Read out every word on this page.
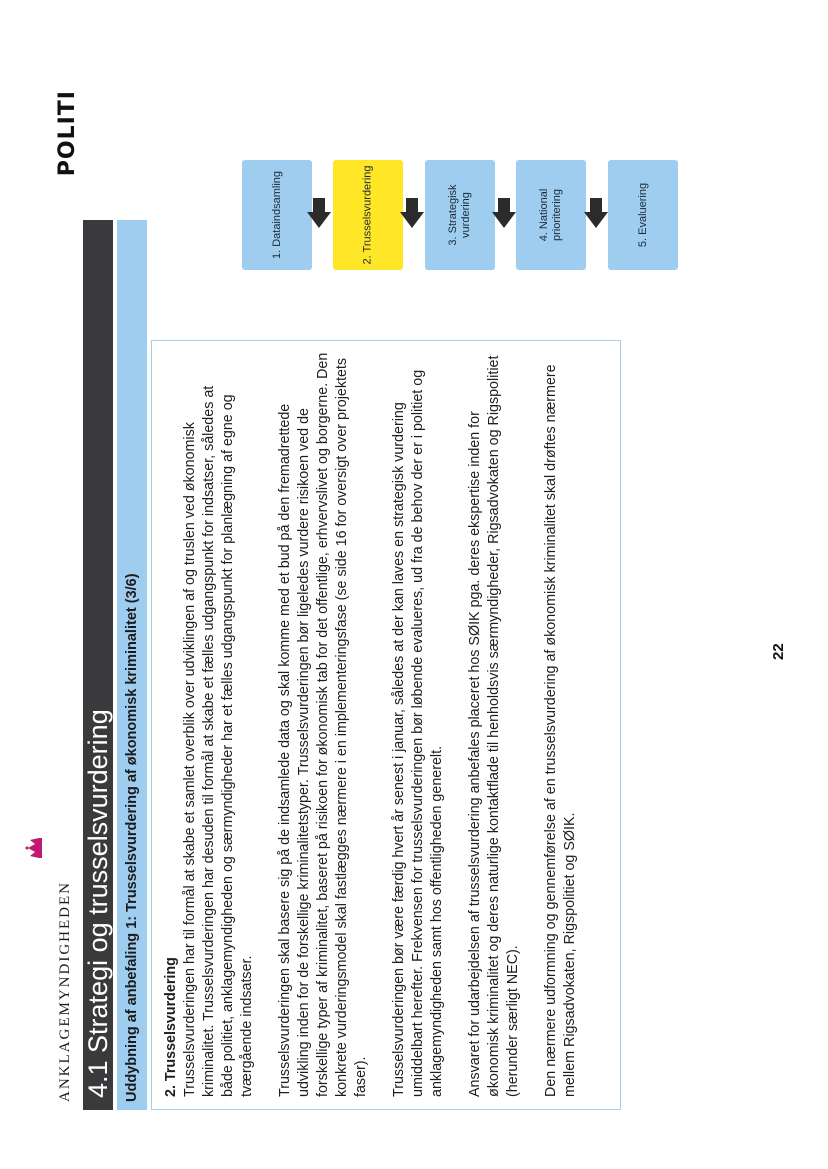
ANKLAGEMYNDIGHEDEN
POLITI
4.1 Strategi og trusselsvurdering Uddybning af anbefaling 1: Trusselsvurdering af økonomisk kriminalitet (3/6)	2. Trusselsvurdering Trusselsvurderingen har til formål at skabe et samlet overblik over udviklingen af og truslen ved økonomisk kriminalitet. Trusselsvurderingen har desuden til formål at skabe et fælles udgangspunkt for indsatser, således at både politiet, anklagemyndigheden og særmyndigheder har et fælles udgangspunkt for planlægning af egne og tværgående indsatser. Trusselsvurderingen skal basere sig på de indsamlede data og skal komme med et bud på den fremadrettede udvikling inden for de forskellige kriminalitetstyper. Trusselsvurderingen bør ligeledes vurdere risikoen ved de forskellige typer af kriminalitet, baseret på risikoen for økonomisk tab for det offentlige, erhvervslivet og borgerne. Den konkrete vurderingsmodel skal fastlægges nærmere i en implementeringsfase (se side 16 for oversigt over projektets faser). Trusselsvurderingen bør være færdig hvert år senest i januar, således at der kan laves en strategisk vurdering umiddelbart herefter. Frekvensen for trusselsvurderingen bør løbende evalueres, ud fra de behov der er i politiet og anklagemyndigheden samt hos offentligheden generelt. Ansvaret for udarbejdelsen af trusselsvurdering anbefales placeret hos SØIK pga. deres ekspertise inden for økonomisk kriminalitet og deres naturlige kontaktflade til henholdsvis særmyndigheder, Rigsadvokaten og Rigspolitiet (herunder særligt NEC). Den nærmere udformning og gennemførelse af en trusselsvurdering af økonomisk kriminalitet skal drøftes nærmere mellem Rigsadvokaten, Rigspolitiet og SØIK.

22
1. Dataindsamling	2. Trusselsvurdering	3. Strategisk
vurdering	4. National
prioritering	5. Evaluering
